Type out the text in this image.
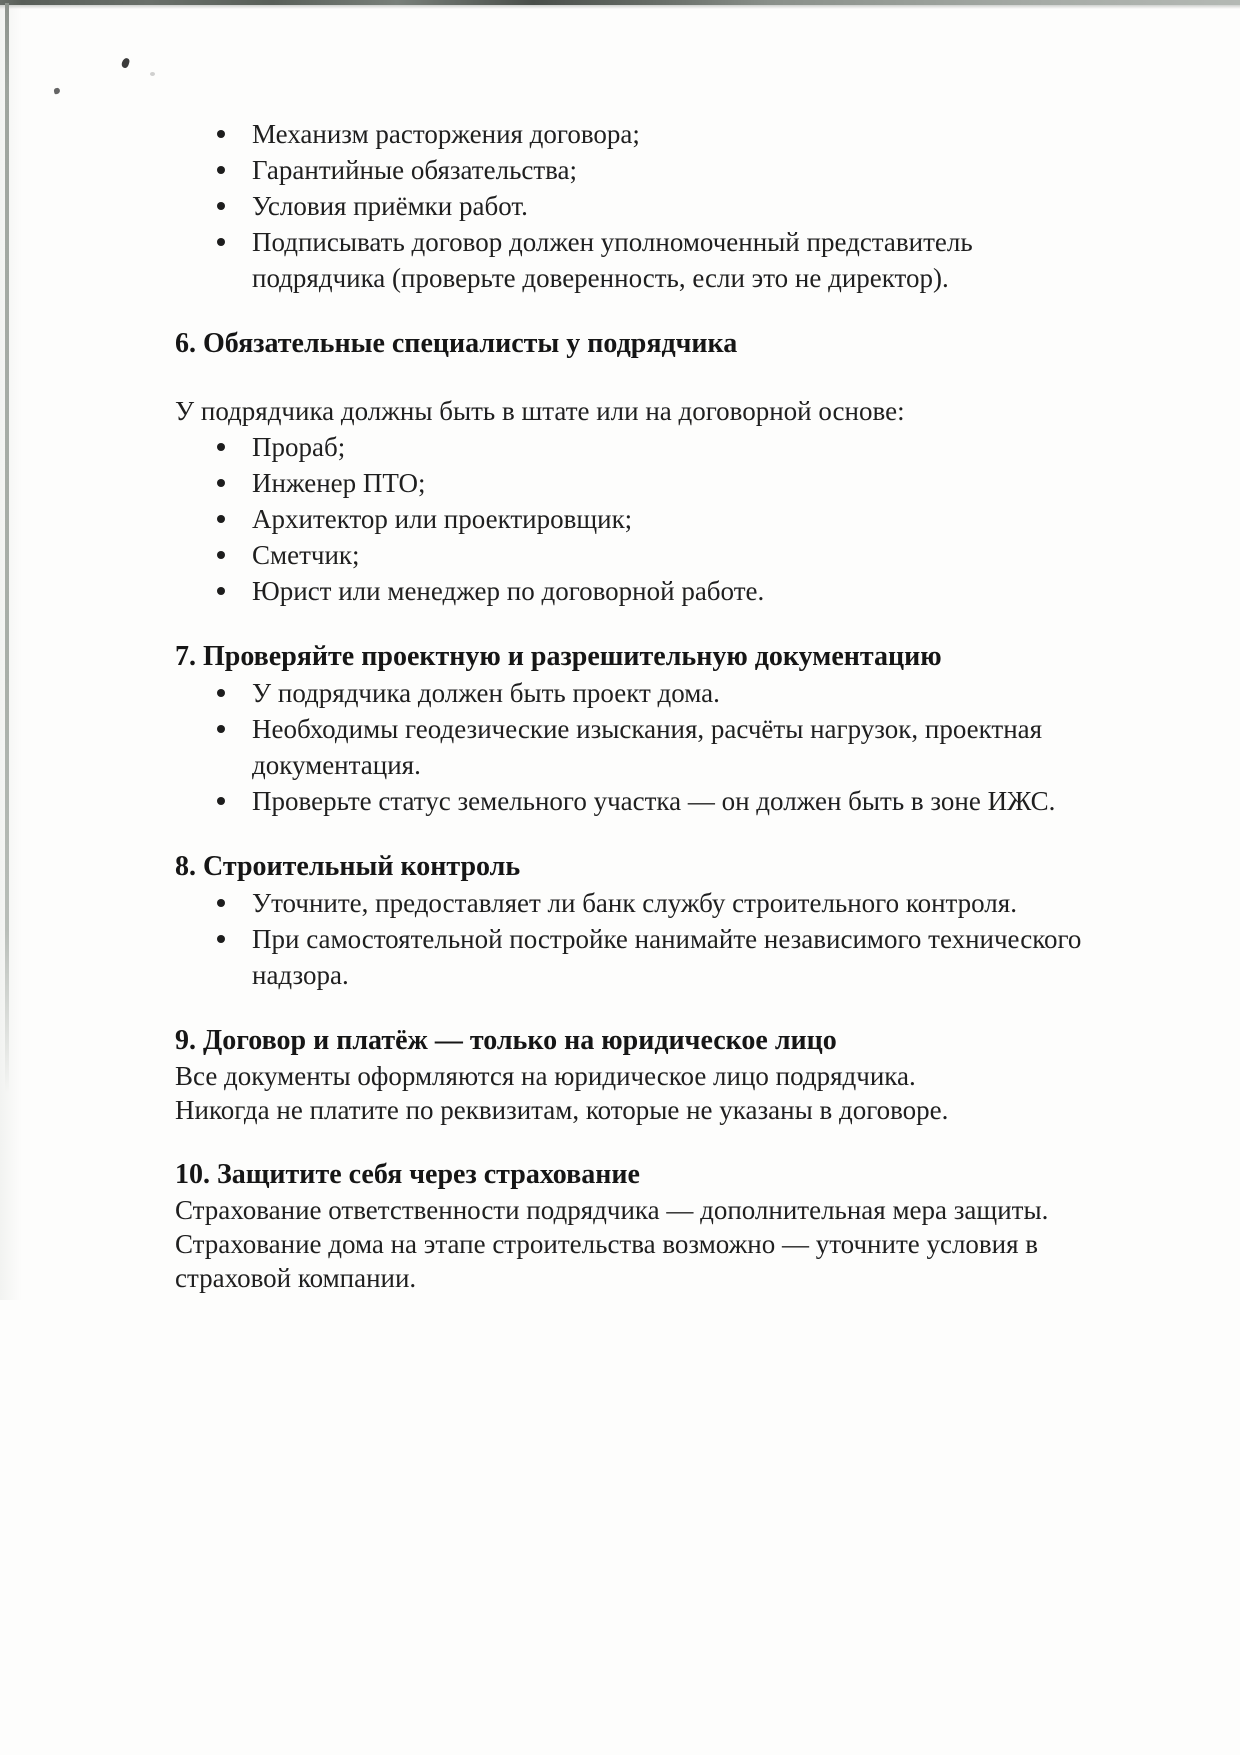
Механизм расторжения договора;
Гарантийные обязательства;
Условия приёмки работ.
Подписывать договор должен уполномоченный представитель подрядчика (проверьте доверенность, если это не директор).
6. Обязательные специалисты у подрядчика

У подрядчика должны быть в штате или на договорной основе:

Прораб;
Инженер ПТО;
Архитектор или проектировщик;
Сметчик;
Юрист или менеджер по договорной работе.
7. Проверяйте проектную и разрешительную документацию
У подрядчика должен быть проект дома.
Необходимы геодезические изыскания, расчёты нагрузок, проектная документация.
Проверьте статус земельного участка — он должен быть в зоне ИЖС.
8. Строительный контроль
Уточните, предоставляет ли банк службу строительного контроля.
При самостоятельной постройке нанимайте независимого технического надзора.
9. Договор и платёж — только на юридическое лицо

Все документы оформляются на юридическое лицо подрядчика.

Никогда не платите по реквизитам, которые не указаны в договоре.

10. Защитите себя через страхование

Страхование ответственности подрядчика — дополнительная мера защиты.

Страхование дома на этапе строительства возможно — уточните условия в страховой компании.
